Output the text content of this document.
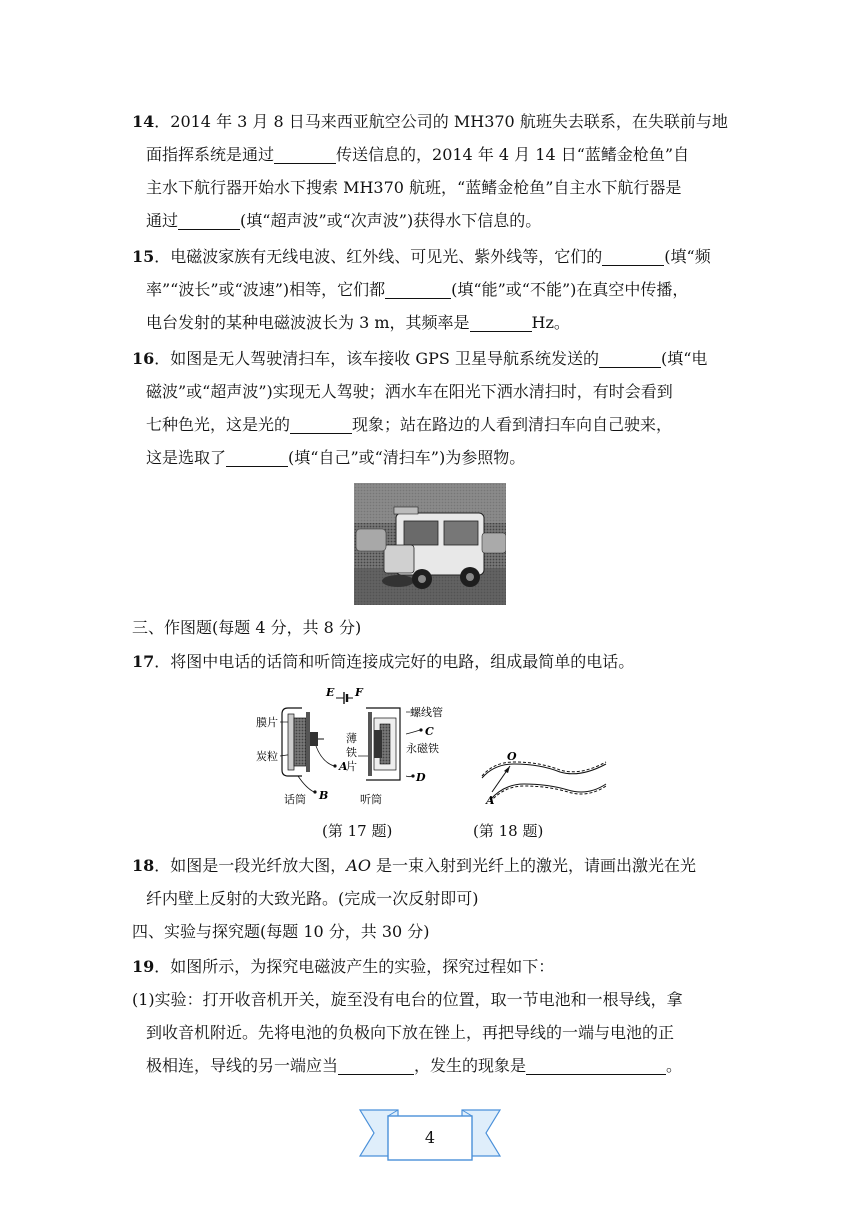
14．2014 年 3 月 8 日马来西亚航空公司的 MH370 航班失去联系，在失联前与地
面指挥系统是通过	传送信息的，2014 年 4 月 14 日“蓝鳍金枪鱼”自
主水下航行器开始水下搜索 MH370 航班，“蓝鳍金枪鱼”自主水下航行器是
通过	(填“超声波”或“次声波”)获得水下信息的。
15．电磁波家族有无线电波、红外线、可见光、紫外线等，它们的	(填“频
率”“波长”或“波速”)相等，它们都	(填“能”或“不能”)在真空中传播，
电台发射的某种电磁波波长为 3 m，其频率是	Hz。
16．如图是无人驾驶清扫车，该车接收 GPS 卫星导航系统发送的	(填“电
磁波”或“超声波”)实现无人驾驶；洒水车在阳光下洒水清扫时，有时会看到
七种色光，这是光的	现象；站在路边的人看到清扫车向自己驶来，
这是选取了	(填“自己”或“清扫车”)为参照物。
三、作图题(每题 4 分，共 8 分)
17．将图中电话的话筒和听筒连接成完好的电路，组成最简单的电话。
E F
膜片
炭粒
A
B
话筒
薄
铁
片
听筒
螺线管
C
永磁铁
D
O
A
(第 17 题)	(第 18 题)
18．如图是一段光纤放大图，AO 是一束入射到光纤上的激光，请画出激光在光
纤内壁上反射的大致光路。(完成一次反射即可)
四、实验与探究题(每题 10 分，共 30 分)
19．如图所示，为探究电磁波产生的实验，探究过程如下：
(1)实验：打开收音机开关，旋至没有电台的位置，取一节电池和一根导线，拿
到收音机附近。先将电池的负极向下放在锉上，再把导线的一端与电池的正
极相连，导线的另一端应当	，发生的现象是	。
4
